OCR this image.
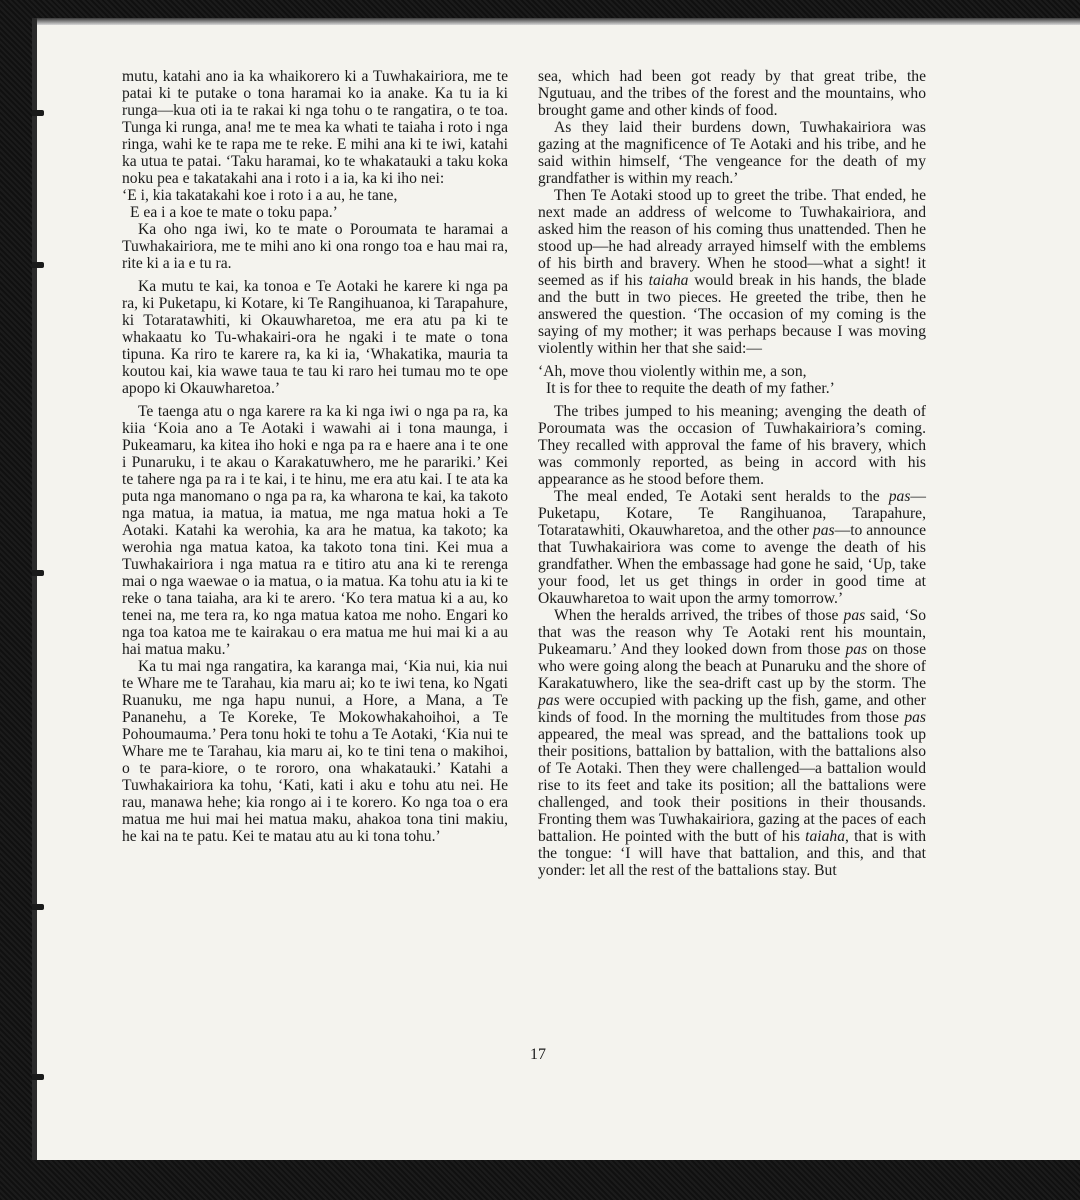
mutu, katahi ano ia ka whaikorero ki a Tuwhakairiora, me te patai ki te putake o tona haramai ko ia anake. Ka tu ia ki runga—kua oti ia te rakai ki nga tohu o te rangatira, o te toa. Tunga ki runga, ana! me te mea ka whati te taiaha i roto i nga ringa, wahi ke te rapa me te reke. E mihi ana ki te iwi, katahi ka utua te patai. ‘Taku haramai, ko te whakatauki a taku koka noku pea e takatakahi ana i roto i a ia, ka ki iho nei:

‘E i, kia takatakahi koe i roto i a au, he tane,
E ea i a koe te mate o toku papa.’

Ka oho nga iwi, ko te mate o Poroumata te haramai a Tuwhakairiora, me te mihi ano ki ona rongo toa e hau mai ra, rite ki a ia e tu ra.

Ka mutu te kai, ka tonoa e Te Aotaki he karere ki nga pa ra, ki Puketapu, ki Kotare, ki Te Rangihuanoa, ki Tarapahure, ki Totaratawhiti, ki Okauwharetoa, me era atu pa ki te whakaatu ko Tu-whakairi-ora he ngaki i te mate o tona tipuna. Ka riro te karere ra, ka ki ia, ‘Whakatika, mauria ta koutou kai, kia wawe taua te tau ki raro hei tumau mo te ope apopo ki Okauwharetoa.’

Te taenga atu o nga karere ra ka ki nga iwi o nga pa ra, ka kiia ‘Koia ano a Te Aotaki i wawahi ai i tona maunga, i Pukeamaru, ka kitea iho hoki e nga pa ra e haere ana i te one i Punaruku, i te akau o Karakatuwhero, me he parariki.’ Kei te tahere nga pa ra i te kai, i te hinu, me era atu kai. I te ata ka puta nga manomano o nga pa ra, ka wharona te kai, ka takoto nga matua, ia matua, ia matua, me nga matua hoki a Te Aotaki. Katahi ka werohia, ka ara he matua, ka takoto; ka werohia nga matua katoa, ka takoto tona tini. Kei mua a Tuwhakairiora i nga matua ra e titiro atu ana ki te rerenga mai o nga waewae o ia matua, o ia matua. Ka tohu atu ia ki te reke o tana taiaha, ara ki te arero. ‘Ko tera matua ki a au, ko tenei na, me tera ra, ko nga matua katoa me noho. Engari ko nga toa katoa me te kairakau o era matua me hui mai ki a au hai matua maku.’

Ka tu mai nga rangatira, ka karanga mai, ‘Kia nui, kia nui te Whare me te Tarahau, kia maru ai; ko te iwi tena, ko Ngati Ruanuku, me nga hapu nunui, a Hore, a Mana, a Te Pananehu, a Te Koreke, Te Mokowhakahoihoi, a Te Pohoumauma.’ Pera tonu hoki te tohu a Te Aotaki, ‘Kia nui te Whare me te Tarahau, kia maru ai, ko te tini tena o makihoi, o te para-kiore, o te rororo, ona whakatauki.’ Katahi a Tuwhakairiora ka tohu, ‘Kati, kati i aku e tohu atu nei. He rau, manawa hehe; kia rongo ai i te korero. Ko nga toa o era matua me hui mai hei matua maku, ahakoa tona tini makiu, he kai na te patu. Kei te matau atu au ki tona tohu.’

sea, which had been got ready by that great tribe, the Ngutuau, and the tribes of the forest and the mountains, who brought game and other kinds of food.

As they laid their burdens down, Tuwhakairiora was gazing at the magnificence of Te Aotaki and his tribe, and he said within himself, ‘The vengeance for the death of my grandfather is within my reach.’

Then Te Aotaki stood up to greet the tribe. That ended, he next made an address of welcome to Tuwhakairiora, and asked him the reason of his coming thus unattended. Then he stood up—he had already arrayed himself with the emblems of his birth and bravery. When he stood—what a sight! it seemed as if his taiaha would break in his hands, the blade and the butt in two pieces. He greeted the tribe, then he answered the question. ‘The occasion of my coming is the saying of my mother; it was perhaps because I was moving violently within her that she said:—

‘Ah, move thou violently within me, a son,
It is for thee to requite the death of my father.’

The tribes jumped to his meaning; avenging the death of Poroumata was the occasion of Tuwhakairiora’s coming. They recalled with approval the fame of his bravery, which was commonly reported, as being in accord with his appearance as he stood before them.

The meal ended, Te Aotaki sent heralds to the pas—Puketapu, Kotare, Te Rangihuanoa, Tarapahure, Totaratawhiti, Okauwharetoa, and the other pas—to announce that Tuwhakairiora was come to avenge the death of his grandfather. When the embassage had gone he said, ‘Up, take your food, let us get things in order in good time at Okauwharetoa to wait upon the army tomorrow.’

When the heralds arrived, the tribes of those pas said, ‘So that was the reason why Te Aotaki rent his mountain, Pukeamaru.’ And they looked down from those pas on those who were going along the beach at Punaruku and the shore of Karakatuwhero, like the sea-drift cast up by the storm. The pas were occupied with packing up the fish, game, and other kinds of food. In the morning the multitudes from those pas appeared, the meal was spread, and the battalions took up their positions, battalion by battalion, with the battalions also of Te Aotaki. Then they were challenged—a battalion would rise to its feet and take its position; all the battalions were challenged, and took their positions in their thousands. Fronting them was Tuwhakairiora, gazing at the paces of each battalion. He pointed with the butt of his taiaha, that is with the tongue: ‘I will have that battalion, and this, and that yonder: let all the rest of the battalions stay. But

17
